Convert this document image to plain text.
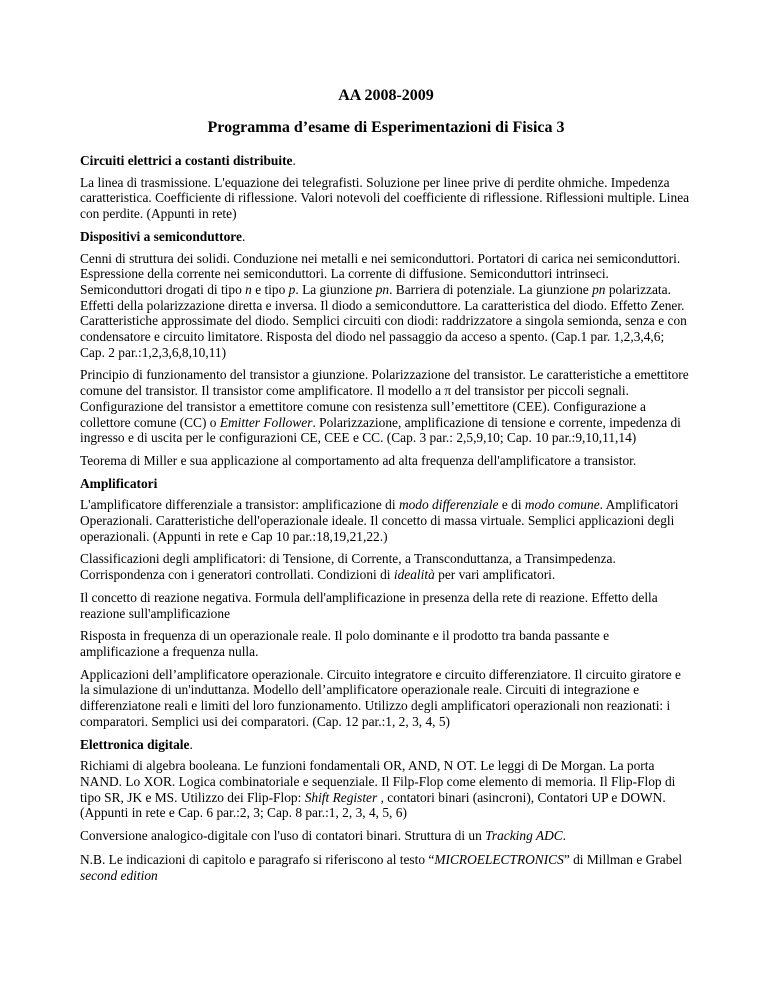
AA 2008-2009
Programma d’esame di Esperimentazioni di Fisica 3
Circuiti elettrici a costanti distribuite.

La linea di trasmissione. L'equazione dei telegrafisti. Soluzione per linee prive di perdite ohmiche. Impedenza caratteristica. Coefficiente di riflessione. Valori notevoli del coefficiente di riflessione. Riflessioni multiple. Linea con perdite. (Appunti in rete)

Dispositivi a semiconduttore.

Cenni di struttura dei solidi. Conduzione nei metalli e nei semiconduttori. Portatori di carica nei semiconduttori. Espressione della corrente nei semiconduttori. La corrente di diffusione. Semiconduttori intrinseci. Semiconduttori drogati di tipo n e tipo p. La giunzione pn. Barriera di potenziale. La giunzione pn polarizzata. Effetti della polarizzazione diretta e inversa. Il diodo a semiconduttore. La caratteristica del diodo. Effetto Zener. Caratteristiche approssimate del diodo. Semplici circuiti con diodi: raddrizzatore a singola semionda, senza e con condensatore e circuito limitatore. Risposta del diodo nel passaggio da acceso a spento. (Cap.1 par. 1,2,3,4,6; Cap. 2 par.:1,2,3,6,8,10,11)

Principio di funzionamento del transistor a giunzione. Polarizzazione del transistor. Le caratteristiche a emettitore comune del transistor. Il transistor come amplificatore. Il modello a π del transistor per piccoli segnali. Configurazione del transistor a emettitore comune con resistenza sull’emettitore (CEE). Configurazione a collettore comune (CC) o Emitter Follower. Polarizzazione, amplificazione di tensione e corrente, impedenza di ingresso e di uscita per le configurazioni CE, CEE e CC. (Cap. 3 par.: 2,5,9,10; Cap. 10 par.:9,10,11,14)

Teorema di Miller e sua applicazione al comportamento ad alta frequenza dell'amplificatore a transistor.

Amplificatori

L'amplificatore differenziale a transistor: amplificazione di modo differenziale e di modo comune. Amplificatori Operazionali. Caratteristiche dell'operazionale ideale. Il concetto di massa virtuale. Semplici applicazioni degli operazionali. (Appunti in rete e Cap 10 par.:18,19,21,22.)

Classificazioni degli amplificatori: di Tensione, di Corrente, a Transconduttanza, a Transimpedenza. Corrispondenza con i generatori controllati. Condizioni di idealità per vari amplificatori.

Il concetto di reazione negativa. Formula dell'amplificazione in presenza della rete di reazione. Effetto della reazione sull'amplificazione

Risposta in frequenza di un operazionale reale. Il polo dominante e il prodotto tra banda passante e amplificazione a frequenza nulla.

Applicazioni dell’amplificatore operazionale. Circuito integratore e circuito differenziatore. Il circuito giratore e la simulazione di un'induttanza. Modello dell’amplificatore operazionale reale. Circuiti di integrazione e differenziatone reali e limiti del loro funzionamento. Utilizzo degli amplificatori operazionali non reazionati: i comparatori. Semplici usi dei comparatori. (Cap. 12 par.:1, 2, 3, 4, 5)

Elettronica digitale.

Richiami di algebra booleana. Le funzioni fondamentali OR, AND, N OT. Le leggi di De Morgan. La porta NAND. Lo XOR. Logica combinatoriale e sequenziale. Il Filp-Flop come elemento di memoria. Il Flip-Flop di tipo SR, JK e MS. Utilizzo dei Flip-Flop: Shift Register , contatori binari (asincroni), Contatori UP e DOWN. (Appunti in rete e Cap. 6 par.:2, 3; Cap. 8 par.:1, 2, 3, 4, 5, 6)

Conversione analogico-digitale con l'uso di contatori binari. Struttura di un Tracking ADC.

N.B. Le indicazioni di capitolo e paragrafo si riferiscono al testo “MICROELECTRONICS” di Millman e Grabel second edition
